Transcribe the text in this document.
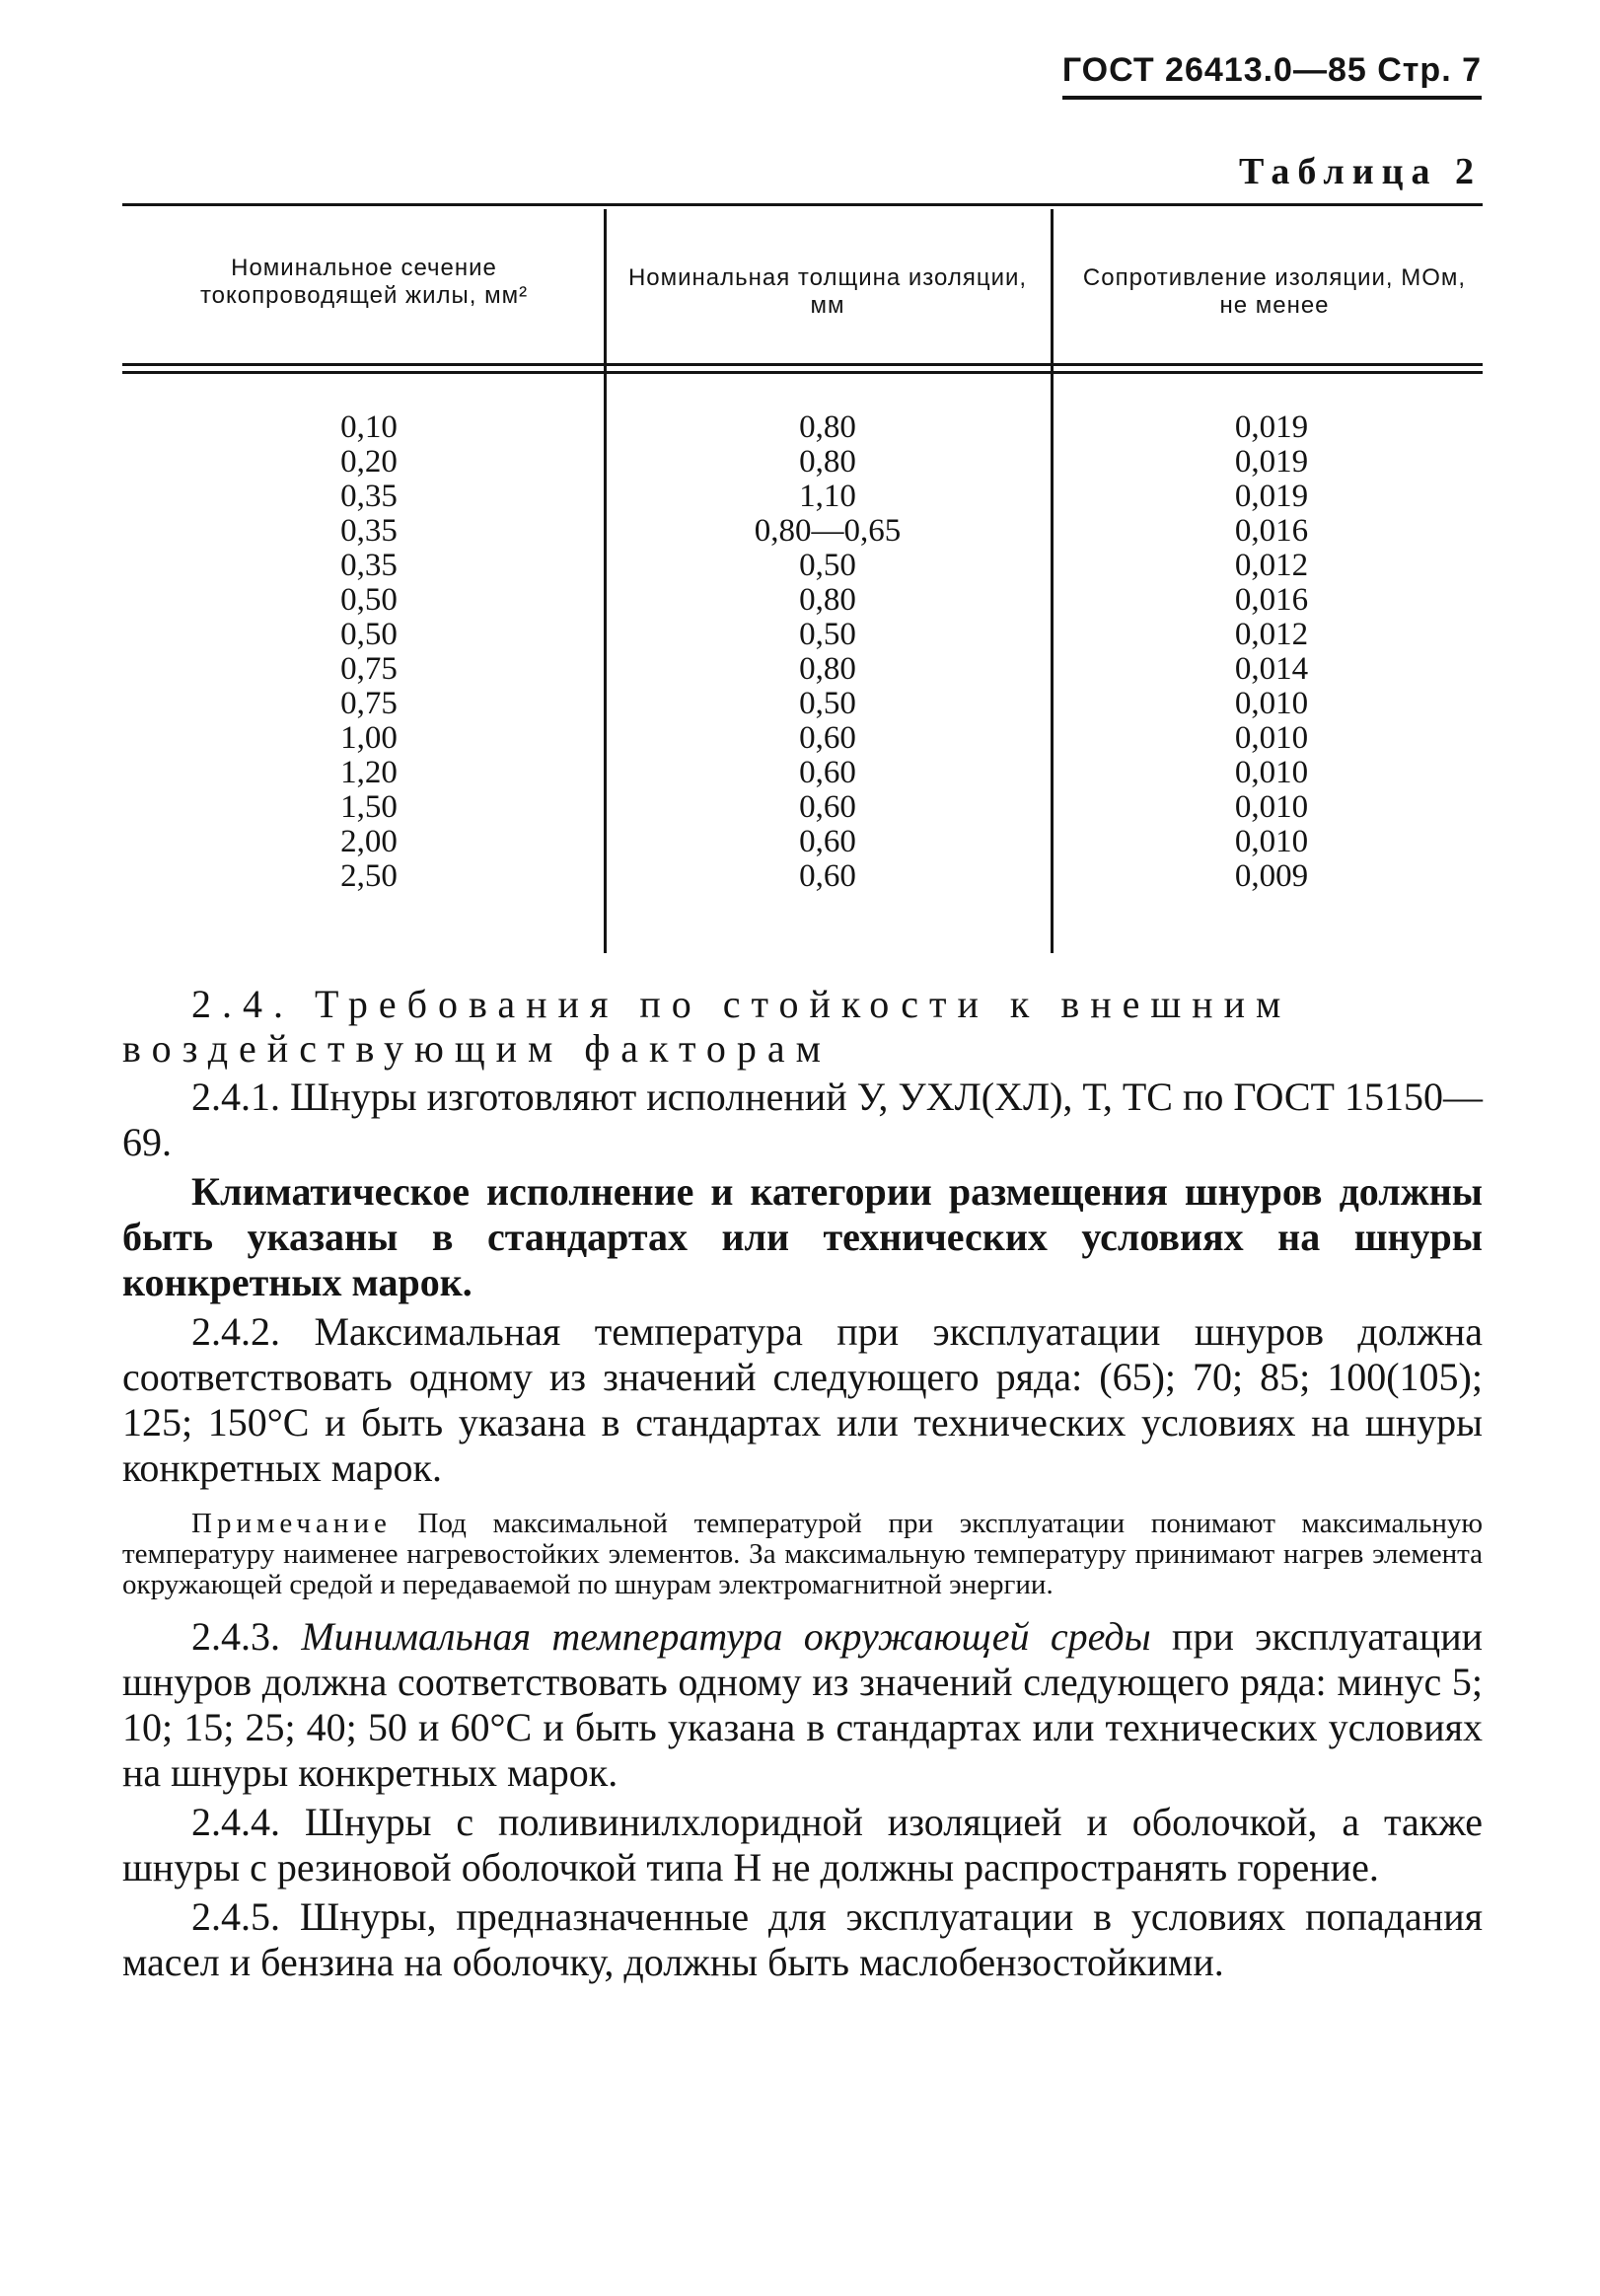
ГОСТ 26413.0—85 Стр. 7
Таблица 2
Номинальное сечение токопроводящей жилы, мм²
Номинальная толщина изоляции, мм
Сопротивление изоляции, МОм, не менее
0,10
0,20
0,35
0,35
0,35
0,50
0,50
0,75
0,75
1,00
1,20
1,50
2,00
2,50
0,80
0,80
1,10
0,80—0,65
0,50
0,80
0,50
0,80
0,50
0,60
0,60
0,60
0,60
0,60
0,019
0,019
0,019
0,016
0,012
0,016
0,012
0,014
0,010
0,010
0,010
0,010
0,010
0,009

2.4. Требования по стойкости к внешним воздействующим факторам

2.4.1. Шнуры изготовляют исполнений У, УХЛ(ХЛ), Т, ТС по ГОСТ 15150—69.

Климатическое исполнение и категории размещения шнуров должны быть указаны в стандартах или технических условиях на шнуры конкретных марок.

2.4.2. Максимальная температура при эксплуатации шнуров должна соответствовать одному из значений следующего ряда: (65); 70; 85; 100(105); 125; 150°С и быть указана в стандартах или технических условиях на шнуры конкретных марок.

Примечание Под максимальной температурой при эксплуатации понимают максимальную температуру наименее нагревостойких элементов. За максимальную температуру принимают нагрев элемента окружающей средой и передаваемой по шнурам электромагнитной энергии.

2.4.3. Минимальная температура окружающей среды при эксплуатации шнуров должна соответствовать одному из значений следующего ряда: минус 5; 10; 15; 25; 40; 50 и 60°С и быть указана в стандартах или технических условиях на шнуры конкретных марок.

2.4.4. Шнуры с поливинилхлоридной изоляцией и оболочкой, а также шнуры с резиновой оболочкой типа Н не должны распространять горение.

2.4.5. Шнуры, предназначенные для эксплуатации в условиях попадания масел и бензина на оболочку, должны быть маслобензостойкими.
